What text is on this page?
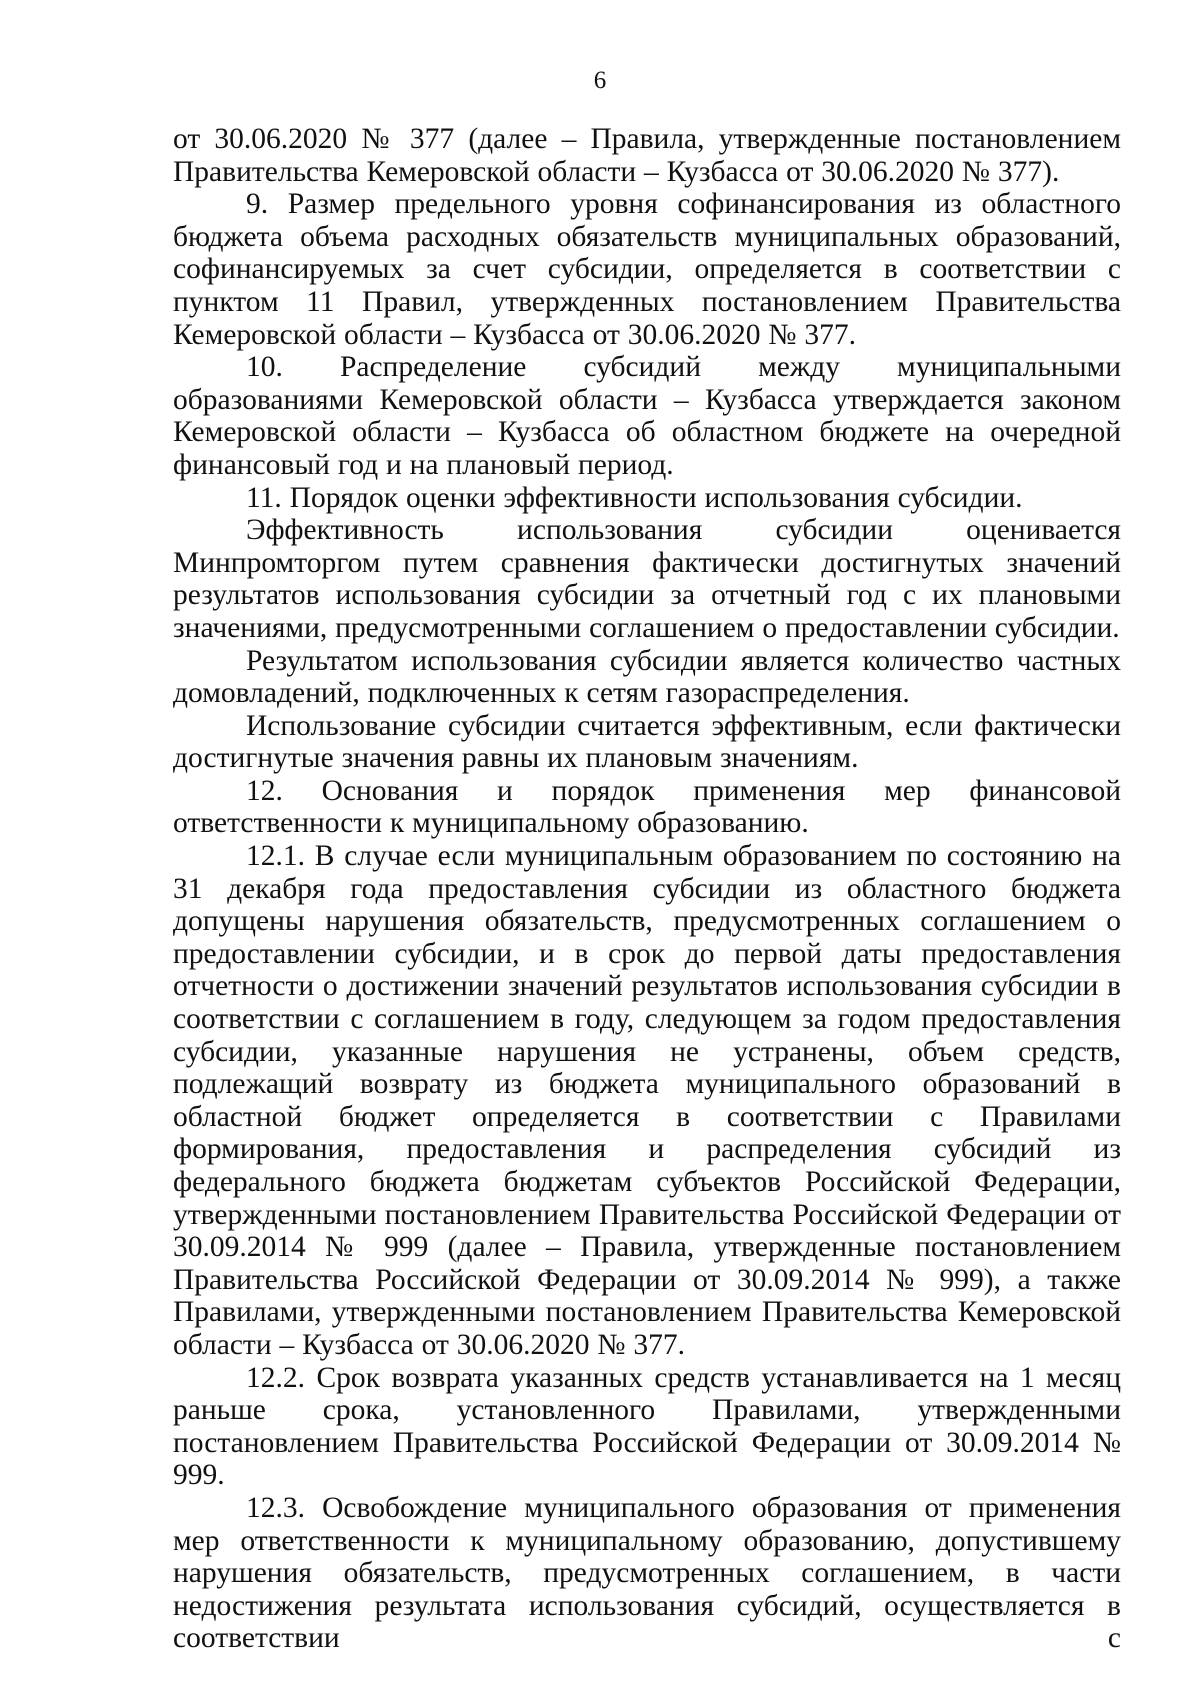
6

от 30.06.2020 № 377 (далее – Правила, утвержденные постановлением Правительства Кемеровской области – Кузбасса от 30.06.2020 № 377).

9. Размер предельного уровня софинансирования из областного бюджета объема расходных обязательств муниципальных образований, софинансируемых за счет субсидии, определяется в соответствии с пунктом 11 Правил, утвержденных постановлением Правительства Кемеровской области – Кузбасса от 30.06.2020 № 377.

10. Распределение субсидий между муниципальными образованиями Кемеровской области – Кузбасса утверждается законом Кемеровской области – Кузбасса об областном бюджете на очередной финансовый год и на плановый период.

11. Порядок оценки эффективности использования субсидии.

Эффективность использования субсидии оценивается Минпромторгом путем сравнения фактически достигнутых значений результатов использования субсидии за отчетный год с их плановыми значениями, предусмотренными соглашением о предоставлении субсидии.

Результатом использования субсидии является количество частных домовладений, подключенных к сетям газораспределения.

Использование субсидии считается эффективным, если фактически достигнутые значения равны их плановым значениям.

12. Основания и порядок применения мер финансовой ответственности к муниципальному образованию.

12.1. В случае если муниципальным образованием по состоянию на 31 декабря года предоставления субсидии из областного бюджета допущены нарушения обязательств, предусмотренных соглашением о предоставлении субсидии, и в срок до первой даты предоставления отчетности о достижении значений результатов использования субсидии в соответствии с соглашением в году, следующем за годом предоставления субсидии, указанные нарушения не устранены, объем средств, подлежащий возврату из бюджета муниципального образований в областной бюджет определяется в соответствии с Правилами формирования, предоставления и распределения субсидий из федерального бюджета бюджетам субъектов Российской Федерации, утвержденными постановлением Правительства Российской Федерации от 30.09.2014 № 999 (далее – Правила, утвержденные постановлением Правительства Российской Федерации от 30.09.2014 № 999), а также Правилами, утвержденными постановлением Правительства Кемеровской области – Кузбасса от 30.06.2020 № 377.

12.2. Срок возврата указанных средств устанавливается на 1 месяц раньше срока, установленного Правилами, утвержденными постановлением Правительства Российской Федерации от 30.09.2014 № 999.

12.3. Освобождение муниципального образования от применения мер ответственности к муниципальному образованию, допустившему нарушения обязательств, предусмотренных соглашением, в части недостижения результата использования субсидий, осуществляется в соответствии с
